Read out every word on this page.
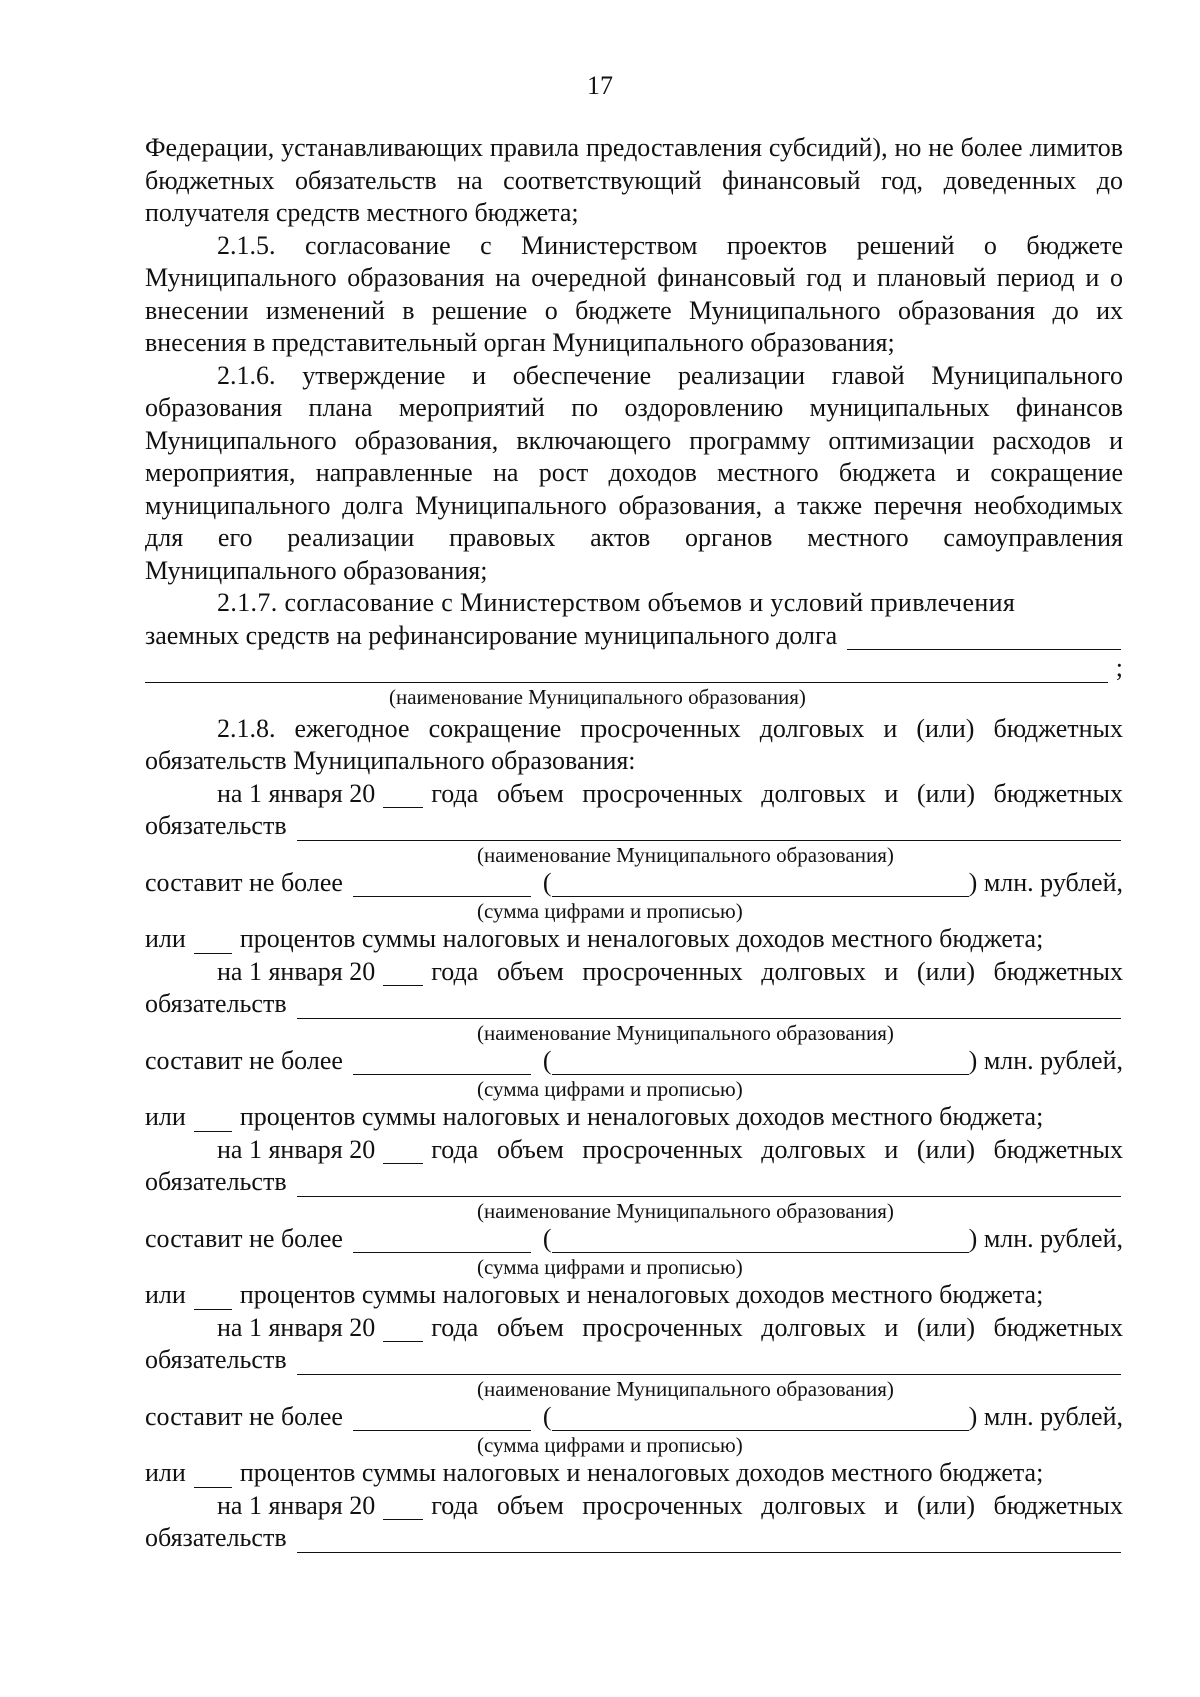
17

Федерации, устанавливающих правила предоставления субсидий), но не более лимитов бюджетных обязательств на соответствующий финансовый год, доведенных до получателя средств местного бюджета;

2.1.5. согласование с Министерством проектов решений о бюджете Муниципального образования на очередной финансовый год и плановый период и о внесении изменений в решение о бюджете Муниципального образования до их внесения в представительный орган Муниципального образования;

2.1.6. утверждение и обеспечение реализации главой Муниципального образования плана мероприятий по оздоровлению муниципальных финансов Муниципального образования, включающего программу оптимизации расходов и мероприятия, направленные на рост доходов местного бюджета и сокращение муниципального долга Муниципального образования, а также перечня необходимых для его реализации правовых актов органов местного самоуправления Муниципального образования;

2.1.7. согласование с Министерством объемов и условий привлечения
заемных средств на рефинансирование муниципального долга
;
(наименование Муниципального образования)

2.1.8. ежегодное сокращение просроченных долговых и (или) бюджетных обязательств Муниципального образования:

на 1 января 20 года объем просроченных долговых и (или) бюджетных
обязательств
(наименование Муниципального образования)
составит не более	(	) млн. рублей,
(сумма цифрами и прописью)
или процентов суммы налоговых и неналоговых доходов местного бюджета;
на 1 января 20 года объем просроченных долговых и (или) бюджетных
обязательств
(наименование Муниципального образования)
составит не более	(	) млн. рублей,
(сумма цифрами и прописью)
или процентов суммы налоговых и неналоговых доходов местного бюджета;
на 1 января 20 года объем просроченных долговых и (или) бюджетных
обязательств
(наименование Муниципального образования)
составит не более	(	) млн. рублей,
(сумма цифрами и прописью)
или процентов суммы налоговых и неналоговых доходов местного бюджета;
на 1 января 20 года объем просроченных долговых и (или) бюджетных
обязательств
(наименование Муниципального образования)
составит не более	(	) млн. рублей,
(сумма цифрами и прописью)
или процентов суммы налоговых и неналоговых доходов местного бюджета;
на 1 января 20 года объем просроченных долговых и (или) бюджетных
обязательств
